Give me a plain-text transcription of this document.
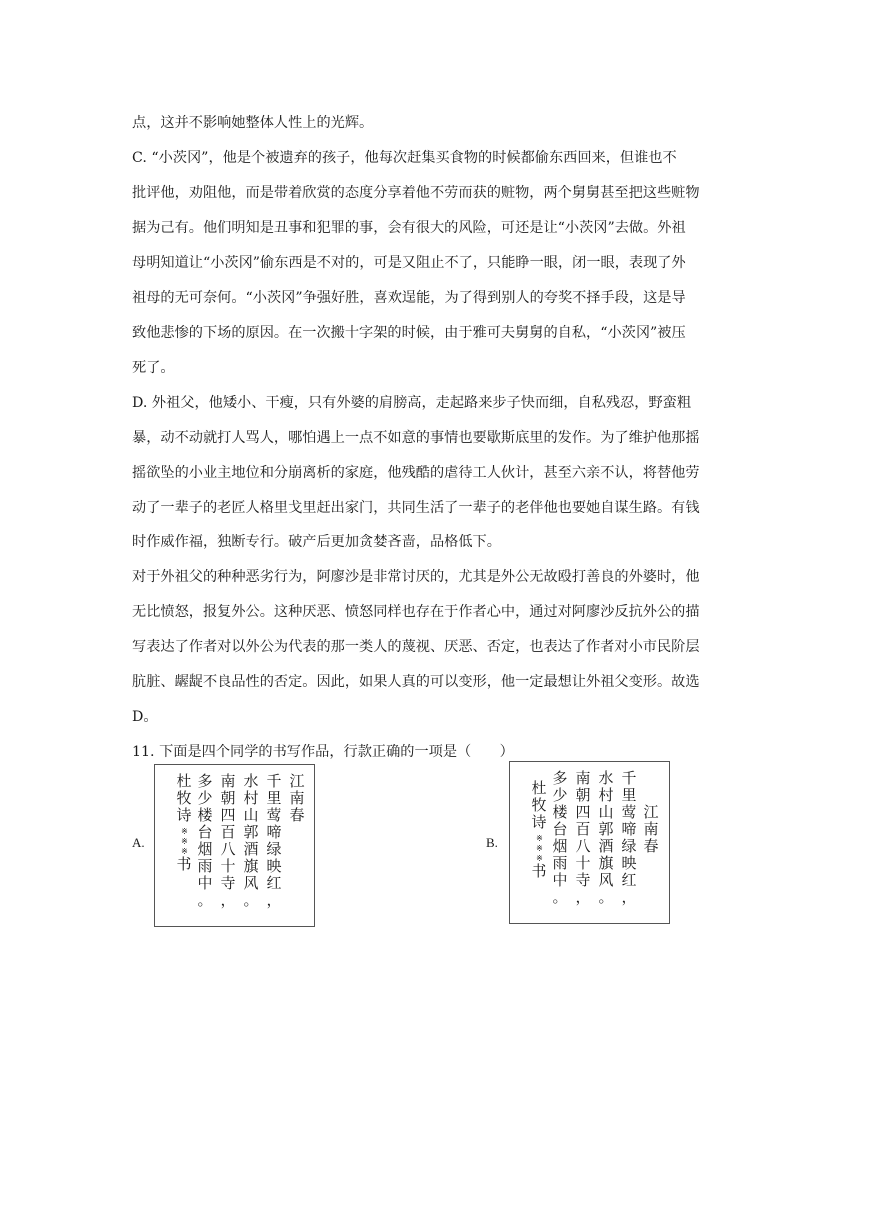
点，这并不影响她整体人性上的光辉。

C. “小茨冈”，他是个被遗弃的孩子，他每次赶集买食物的时候都偷东西回来，但谁也不

批评他，劝阻他，而是带着欣赏的态度分享着他不劳而获的赃物，两个舅舅甚至把这些赃物

据为己有。他们明知是丑事和犯罪的事，会有很大的风险，可还是让“小茨冈”去做。外祖

母明知道让“小茨冈”偷东西是不对的，可是又阻止不了，只能睁一眼，闭一眼，表现了外

祖母的无可奈何。“小茨冈”争强好胜，喜欢逞能，为了得到别人的夸奖不择手段，这是导

致他悲惨的下场的原因。在一次搬十字架的时候，由于雅可夫舅舅的自私，“小茨冈”被压

死了。

D. 外祖父，他矮小、干瘦，只有外婆的肩膀高，走起路来步子快而细，自私残忍，野蛮粗

暴，动不动就打人骂人，哪怕遇上一点不如意的事情也要歇斯底里的发作。为了维护他那摇

摇欲坠的小业主地位和分崩离析的家庭，他残酷的虐待工人伙计，甚至六亲不认，将替他劳

动了一辈子的老匠人格里戈里赶出家门，共同生活了一辈子的老伴他也要她自谋生路。有钱

时作威作福，独断专行。破产后更加贪婪吝啬，品格低下。

对于外祖父的种种恶劣行为，阿廖沙是非常讨厌的，尤其是外公无故殴打善良的外婆时，他

无比愤怒，报复外公。这种厌恶、愤怒同样也存在于作者心中，通过对阿廖沙反抗外公的描

写表达了作者对以外公为代表的那一类人的蔑视、厌恶、否定，也表达了作者对小市民阶层

肮脏、龌龊不良品性的否定。因此，如果人真的可以变形，他一定最想让外祖父变形。故选

D。

11. 下面是四个同学的书写作品，行款正确的一项是（　　）

A.
江
南
春
千
里
莺
啼
绿
映
红
，
水
村
山
郭
酒
旗
风
。
南
朝
四
百
八
十
寺
，
多
少
楼
台
烟
雨
中
。
杜
牧
诗
※
※
※
书
B.
江
南
春
千
里
莺
啼
绿
映
红
，
水
村
山
郭
酒
旗
风
。
南
朝
四
百
八
十
寺
，
多
少
楼
台
烟
雨
中
。
杜
牧
诗
※
※
※
书
